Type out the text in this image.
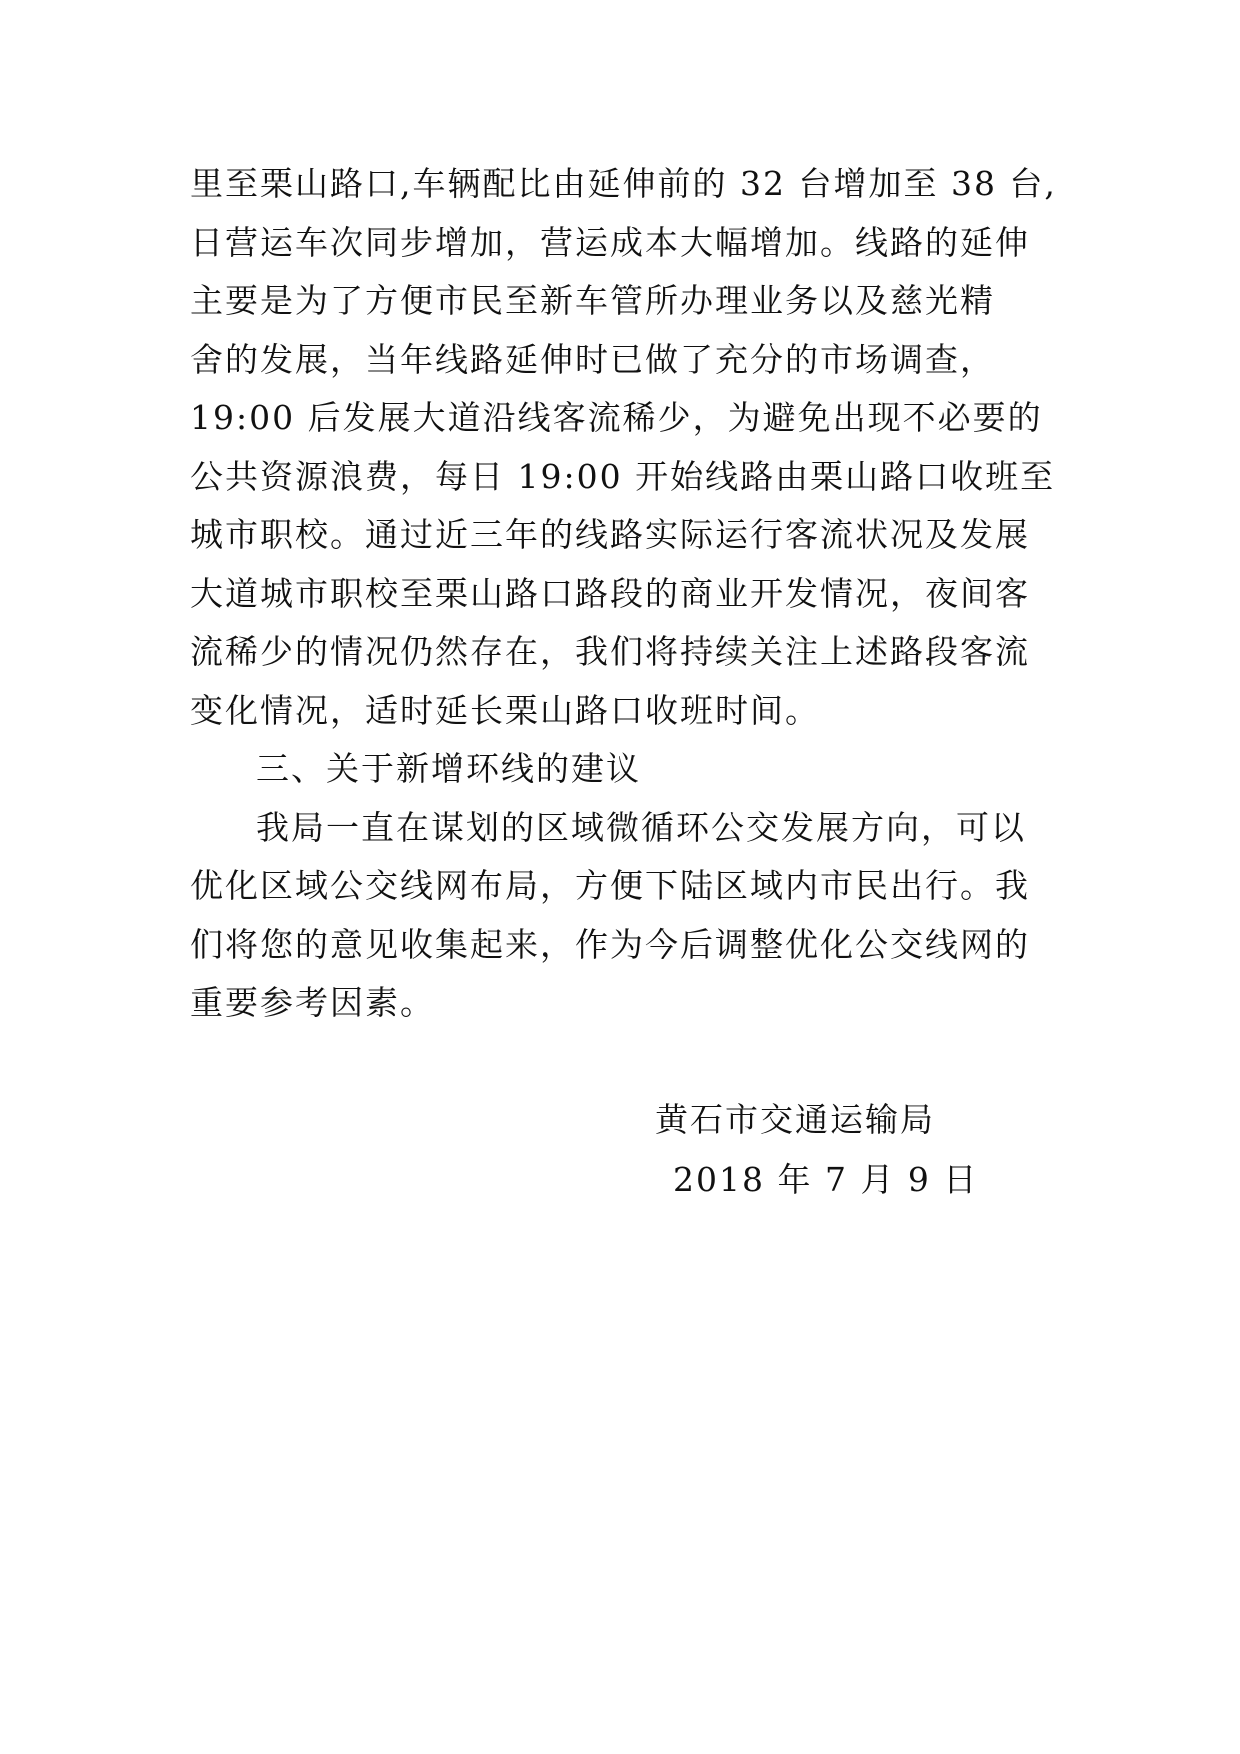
里至栗山路口,车辆配比由延伸前的 32 台增加至 38 台,
日营运车次同步增加，营运成本大幅增加。线路的延伸
主要是为了方便市民至新车管所办理业务以及慈光精
舍的发展，当年线路延伸时已做了充分的市场调查，
19:00 后发展大道沿线客流稀少，为避免出现不必要的
公共资源浪费，每日 19:00 开始线路由栗山路口收班至
城市职校。通过近三年的线路实际运行客流状况及发展
大道城市职校至栗山路口路段的商业开发情况，夜间客
流稀少的情况仍然存在，我们将持续关注上述路段客流
变化情况，适时延长栗山路口收班时间。
三、关于新增环线的建议
我局一直在谋划的区域微循环公交发展方向，可以
优化区域公交线网布局，方便下陆区域内市民出行。我
们将您的意见收集起来，作为今后调整优化公交线网的
重要参考因素。
黄石市交通运输局
2018 年 7 月 9 日
